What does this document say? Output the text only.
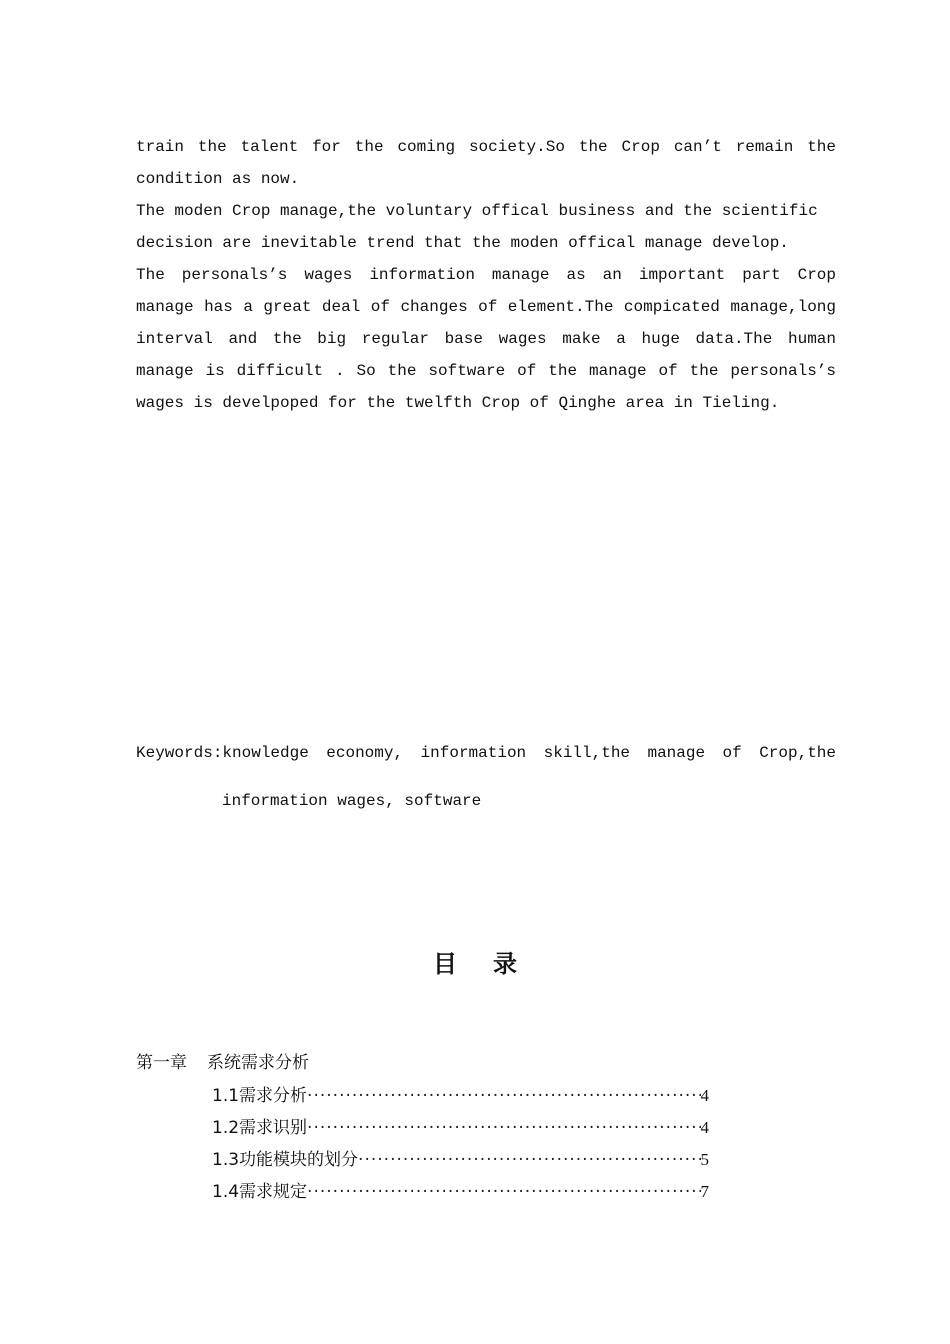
train the talent for the coming society.So the Crop can’t remain the condition as now.

The moden Crop manage,the voluntary offical business and the scientific decision are inevitable trend that the moden offical manage develop.

The personals’s wages information manage as an important part Crop manage has a great deal of changes of element.The compicated manage,long interval and the big regular base wages make a huge data.The human manage is difficult . So the software of the manage of the personals’s wages is develpoped for the twelfth Crop of Qinghe area in Tieling.

Keywords:knowledge economy, information skill,the manage of Crop,the
information wages, software
目录
第一章 系统需求分析
1.1 需求分析 ·····	4
1.2 需求识别 ·····	4
1.3 功能模块的划分 ·····	5
1.4 需求规定 ·····	7
